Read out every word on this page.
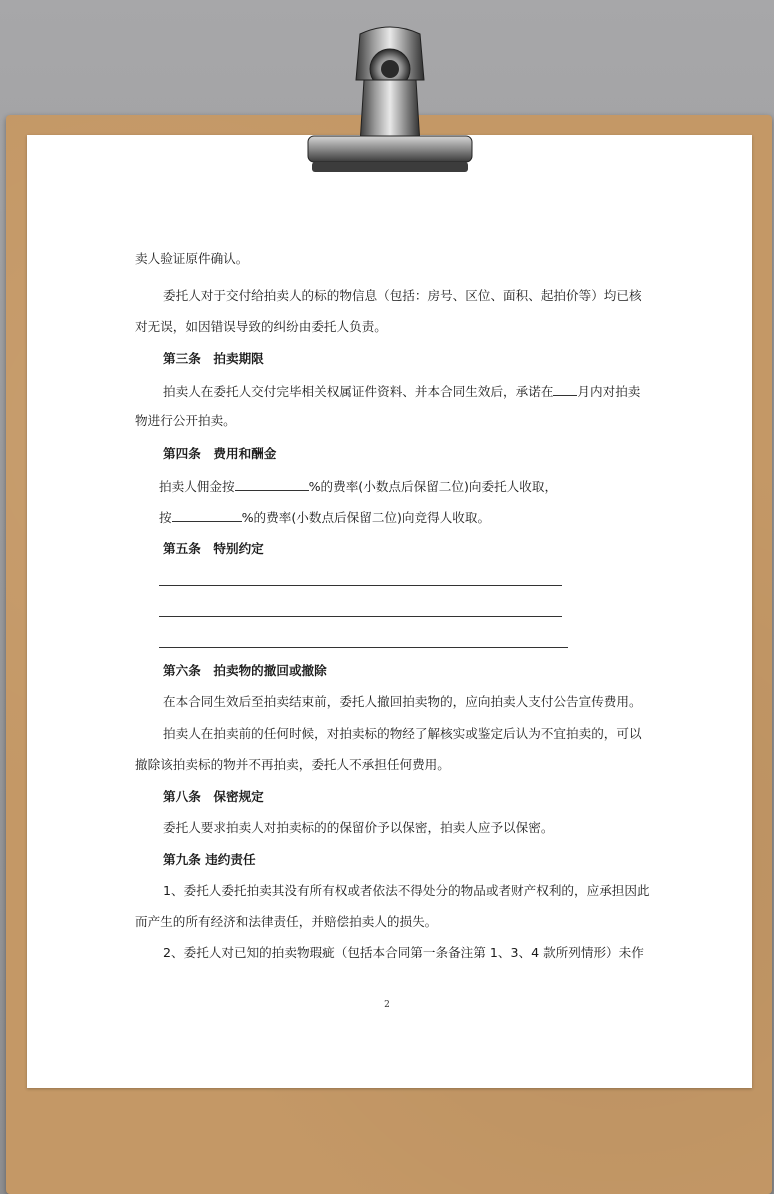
卖人验证原件确认。
委托人对于交付给拍卖人的标的物信息（包括：房号、区位、面积、起拍价等）均已核
对无误，如因错误导致的纠纷由委托人负责。
第三条　拍卖期限
拍卖人在委托人交付完毕相关权属证件资料、并本合同生效后，承诺在 月内对拍卖
物进行公开拍卖。
第四条　费用和酬金
拍卖人佣金按	%的费率(小数点后保留二位)向委托人收取，
按	%的费率(小数点后保留二位)向竞得人收取。
第五条　特别约定
第六条　拍卖物的撤回或撤除
在本合同生效后至拍卖结束前，委托人撤回拍卖物的，应向拍卖人支付公告宣传费用。
拍卖人在拍卖前的任何时候，对拍卖标的物经了解核实或鉴定后认为不宜拍卖的，可以
撤除该拍卖标的物并不再拍卖，委托人不承担任何费用。
第八条　保密规定
委托人要求拍卖人对拍卖标的的保留价予以保密，拍卖人应予以保密。
第九条 违约责任
1、委托人委托拍卖其没有所有权或者依法不得处分的物品或者财产权利的，应承担因此
而产生的所有经济和法律责任，并赔偿拍卖人的损失。
2、委托人对已知的拍卖物瑕疵（包括本合同第一条备注第 1、3、4 款所列情形）未作
2
